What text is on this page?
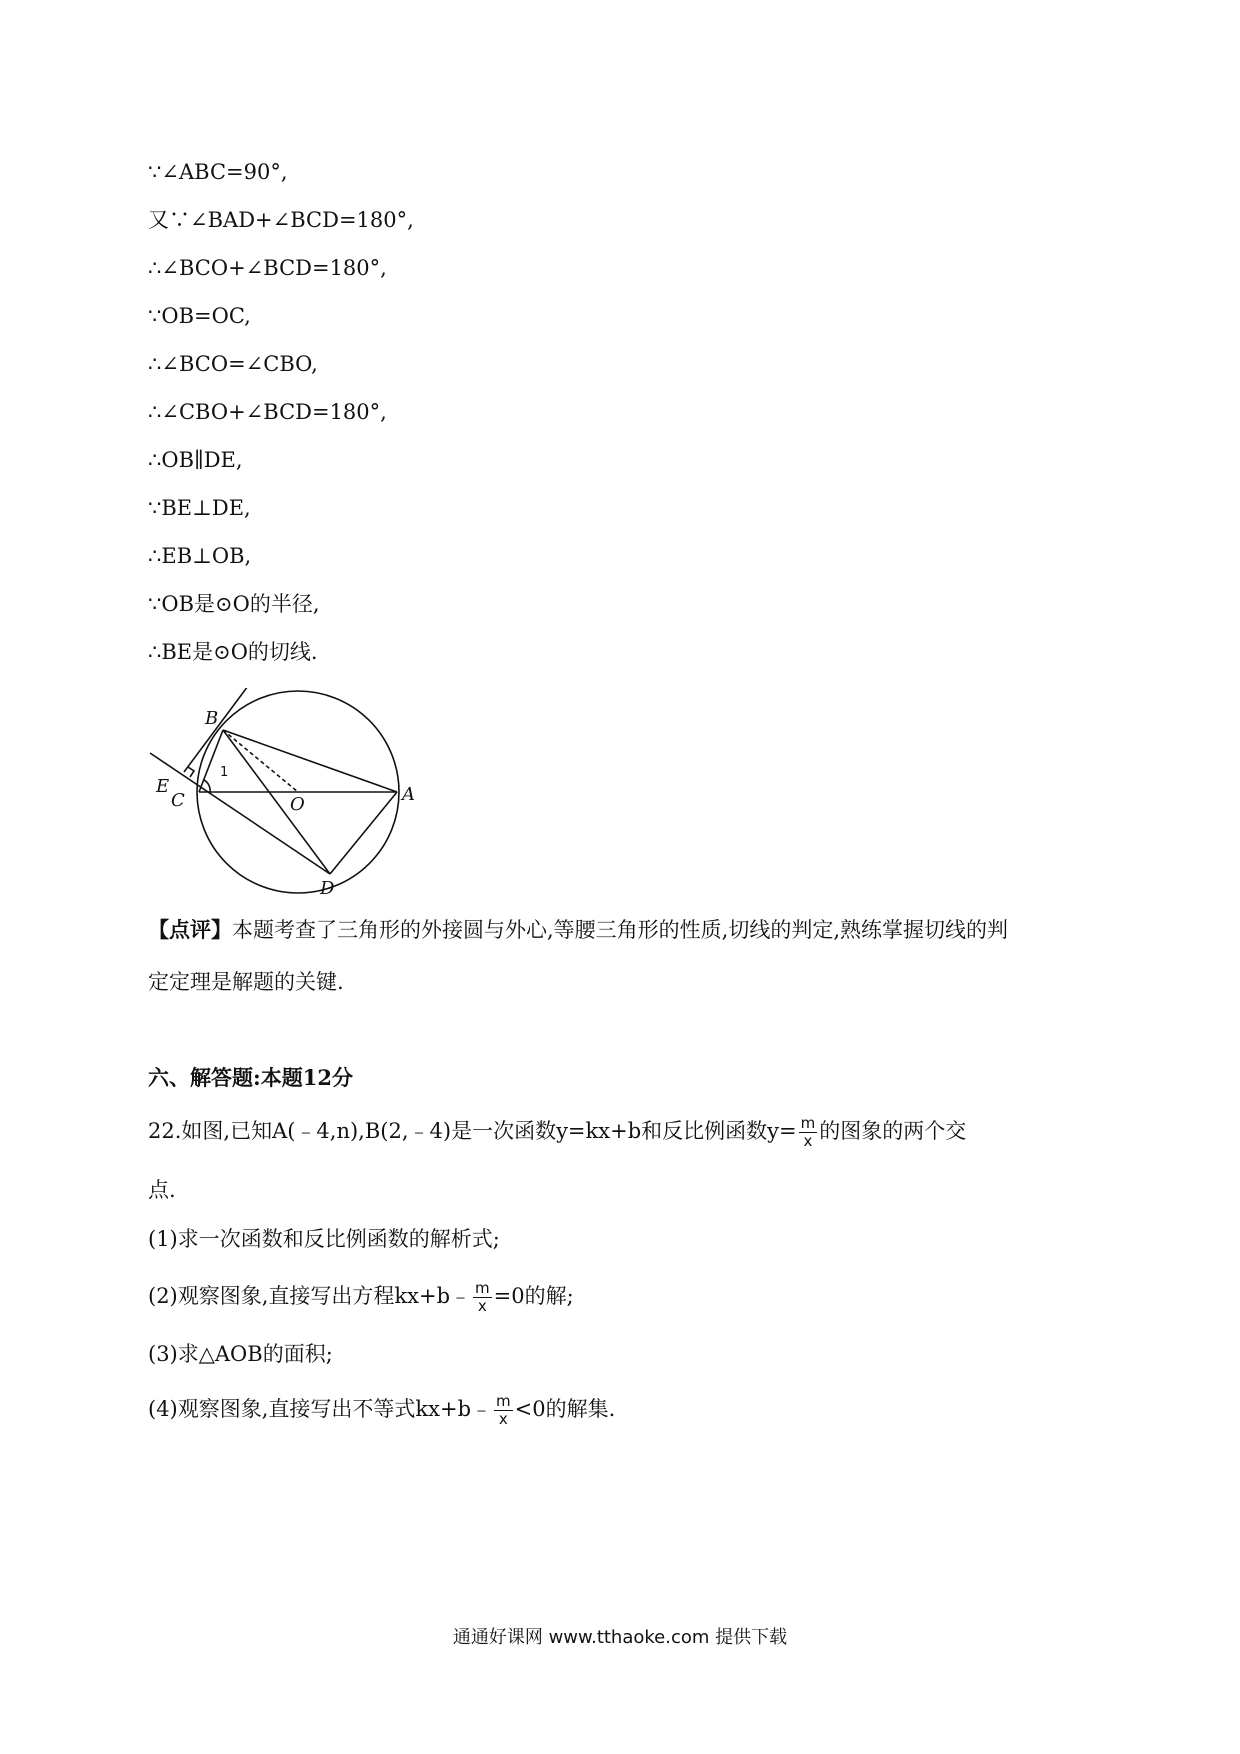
∵∠ABC=90°,
又∵∠BAD+∠BCD=180°,
∴∠BCO+∠BCD=180°,
∵OB=OC,
∴∠BCO=∠CBO,
∴∠CBO+∠BCD=180°,
∴OB∥DE,
∵BE⊥DE,
∴EB⊥OB,
∵OB是⊙O的半径,
∴BE是⊙O的切线.
B
E
C	O	A
D
1
【点评】本题考查了三角形的外接圆与外心,等腰三角形的性质,切线的判定,熟练掌握切线的判
定定理是解题的关键.
六、解答题:本题12分
22.如图,已知A(﹣4,n),B(2,﹣4)是一次函数y=kx+b和反比例函数$y= \frac{m}{x}$ 的图象的两个交
点.
(1)求一次函数和反比例函数的解析式;
(2)观察图象,直接写出方程kx+b﹣ $\frac{m}{x} =0$的解;
(3)求△AOB的面积;
(4)观察图象,直接写出不等式kx+b﹣ $\frac{m}{x} <0$的解集.
通通好课网 www.tthaoke.com 提供下载
